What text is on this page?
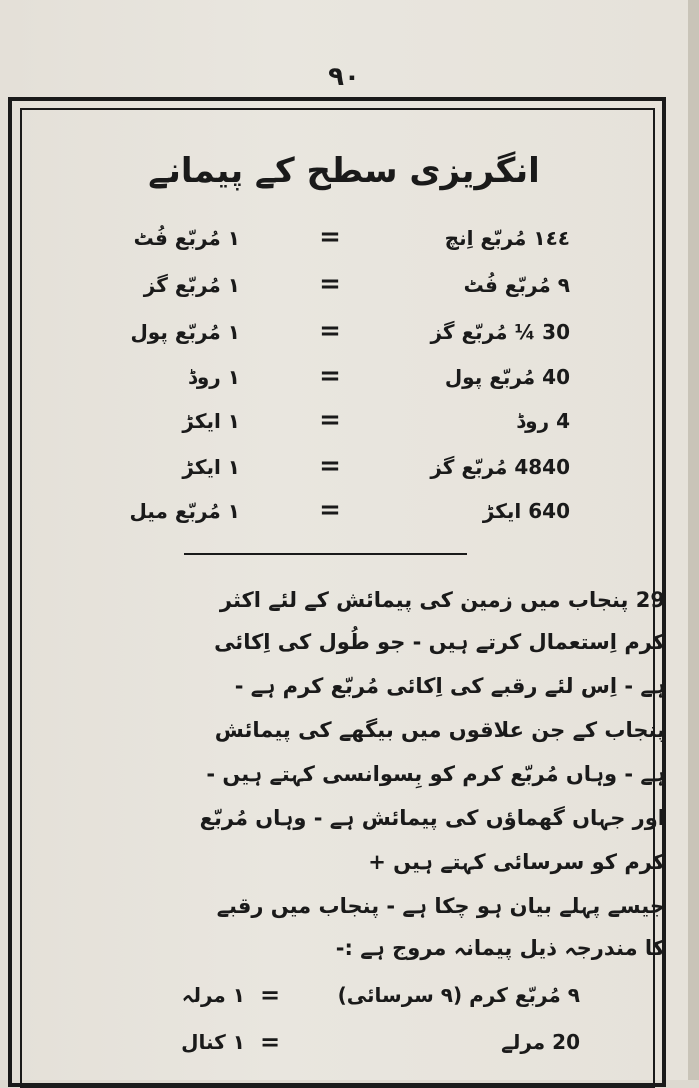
٩٠
انگریزی سطح کے پیمانے
١ مُربّع فُٹ	=	١٤٤ مُربّع اِنچ
١ مُربّع گز	=	٩ مُربّع فُٹ
١ مُربّع پول	=	30 ¼ مُربّع گز
١ روڈ	=	40 مُربّع پول
١ ایکڑ	=	4 روڈ
١ ایکڑ	=	4840 مُربّع گز
١ مُربّع میل	=	640 ایکڑ
29 پنجاب میں زمین کی پیمائش کے لئے اکثر
کرم اِستعمال کرتے ہیں - جو طُول کی اِکائی
ہے - اِس لئے رقبے کی اِکائی مُربّع کرم ہے -
پنجاب کے جن علاقوں میں بیگھے کی پیمائش
ہے - وہاں مُربّع کرم کو بِسوانسی کہتے ہیں -
اور جہاں گھماؤں کی پیمائش ہے - وہاں مُربّع
کرم کو سرسائی کہتے ہیں +
جیسے پہلے بیان ہو چکا ہے - پنجاب میں رقبے
کا مندرجہ ذیل پیمانہ مروج ہے :-
١ مرلہ =	٩ مُربّع کرم (٩ سرسائی)
١ کنال =	20 مرلے
